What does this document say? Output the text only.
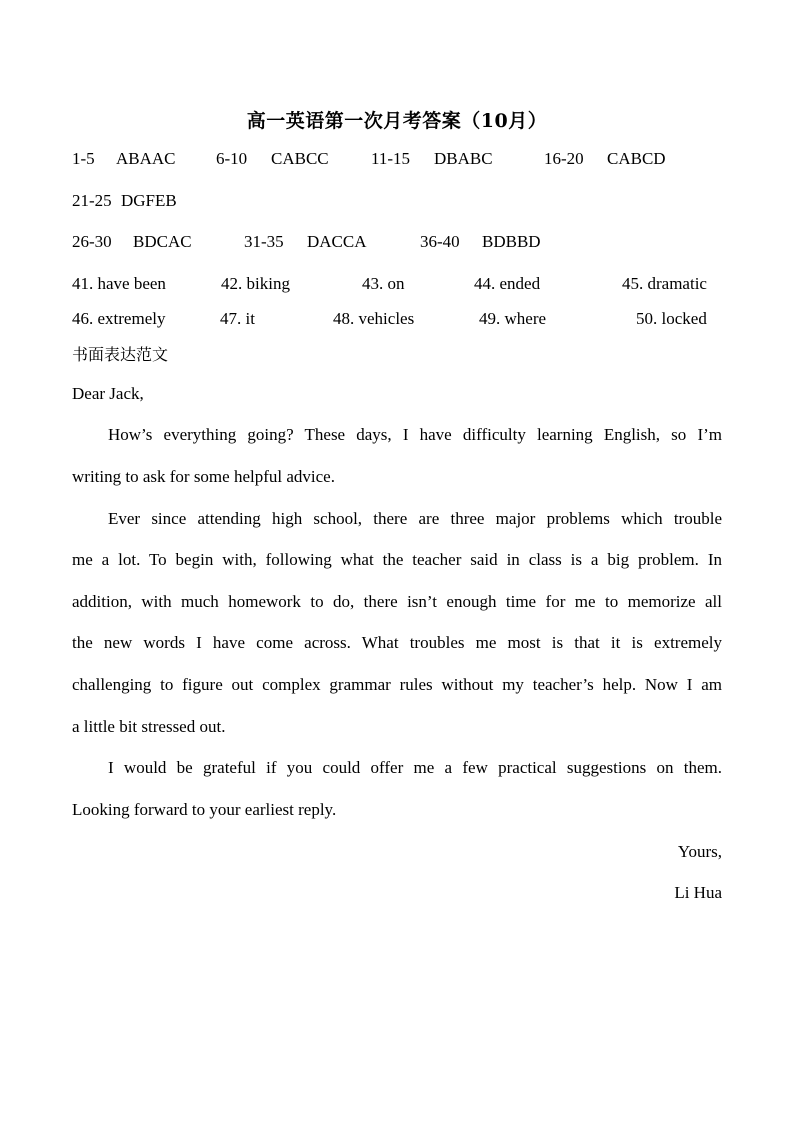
高一英语第一次月考答案（10月）
1-5 ABAAC 6-10 CABCC 11-15 DBABC	16-20 CABCD
21-25 DGFEB
26-30 BDCAC	31-35 DACCA	36-40 BDBBD
41. have been	42. biking	43. on	44. ended	45. dramatic
46. extremely	47. it	48. vehicles	49. where	50. locked
书面表达范文
Dear Jack,
How’s everything going? These days, I have difficulty learning English, so I’m
writing to ask for some helpful advice.
Ever since attending high school, there are three major problems which trouble
me a lot. To begin with, following what the teacher said in class is a big problem. In
addition, with much homework to do, there isn’t enough time for me to memorize all
the new words I have come across. What troubles me most is that it is extremely
challenging to figure out complex grammar rules without my teacher’s help. Now I am
a little bit stressed out.
I would be grateful if you could offer me a few practical suggestions on them.
Looking forward to your earliest reply.
Yours,
Li Hua
